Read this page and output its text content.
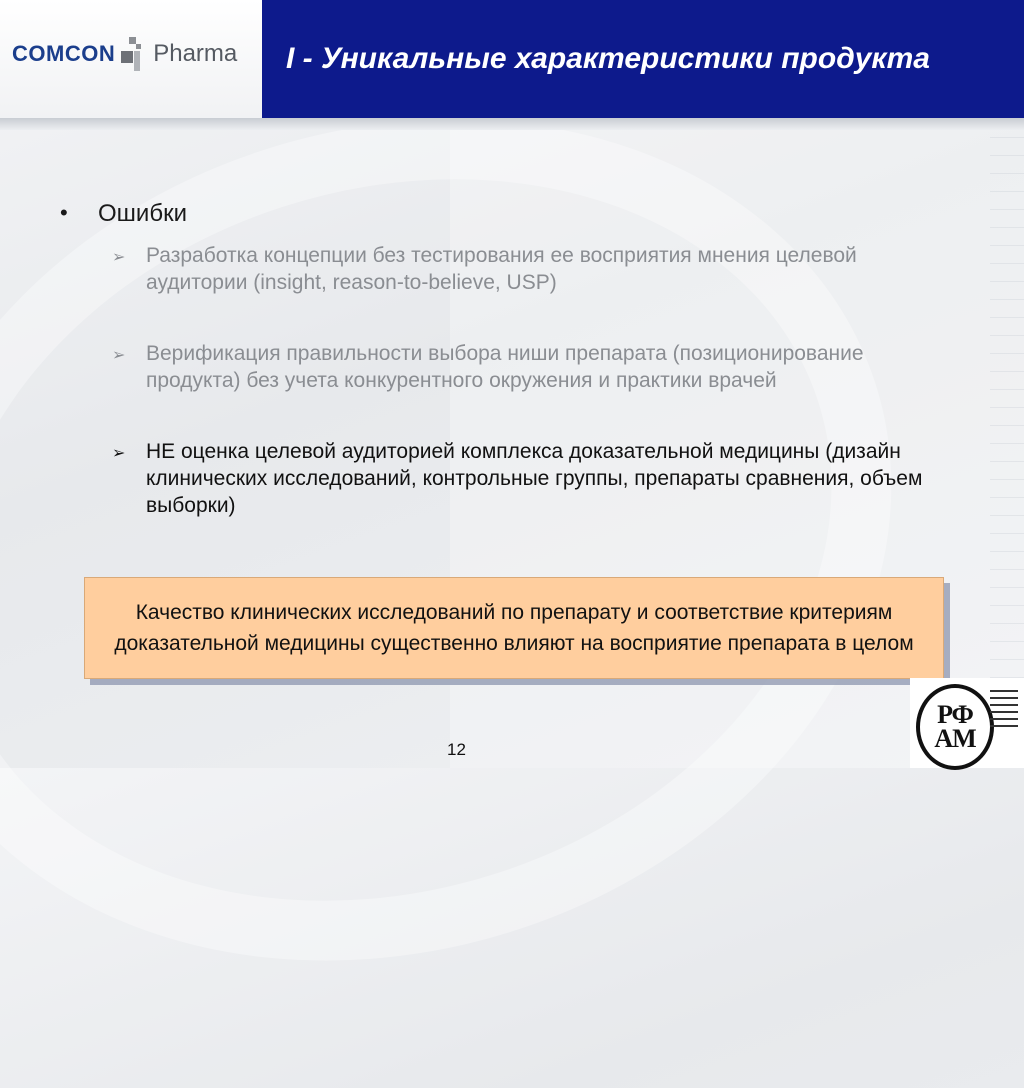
COMCON Pharma I - Уникальные характеристики продукта
•	Ошибки
➢ Разработка концепции без тестирования ее восприятия мнения целевой аудитории (insight, reason-to-believe, USP)
➢ Верификация правильности выбора ниши препарата (позиционирование продукта) без учета конкурентного окружения и практики врачей
➢ НЕ оценка целевой аудиторией комплекса доказательной медицины (дизайн клинических исследований, контрольные группы, препараты сравнения, объем выборки)
Качество клинических исследований по препарату и соответствие критериям доказательной медицины существенно влияют на восприятие препарата в целом
12
РФ
АМ
